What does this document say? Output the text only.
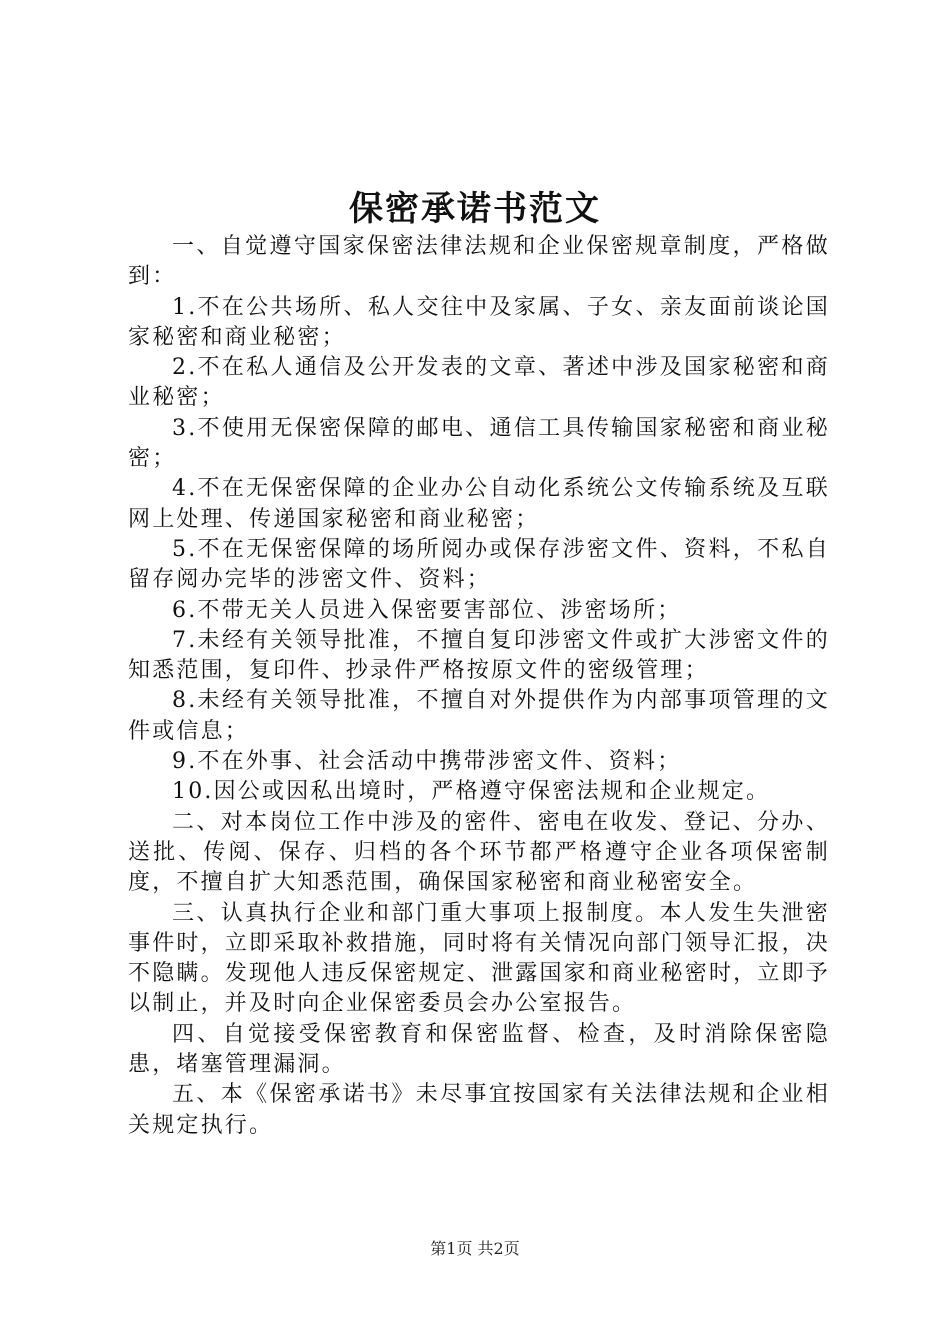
保密承诺书范文

一、自觉遵守国家保密法律法规和企业保密规章制度，严格做到：

1.不在公共场所、私人交往中及家属、子女、亲友面前谈论国家秘密和商业秘密；

2.不在私人通信及公开发表的文章、著述中涉及国家秘密和商业秘密；

3.不使用无保密保障的邮电、通信工具传输国家秘密和商业秘密；

4.不在无保密保障的企业办公自动化系统公文传输系统及互联网上处理、传递国家秘密和商业秘密；

5.不在无保密保障的场所阅办或保存涉密文件、资料，不私自留存阅办完毕的涉密文件、资料；

6.不带无关人员进入保密要害部位、涉密场所；

7.未经有关领导批准，不擅自复印涉密文件或扩大涉密文件的知悉范围，复印件、抄录件严格按原文件的密级管理；

8.未经有关领导批准，不擅自对外提供作为内部事项管理的文件或信息；

9.不在外事、社会活动中携带涉密文件、资料；

10.因公或因私出境时，严格遵守保密法规和企业规定。

二、对本岗位工作中涉及的密件、密电在收发、登记、分办、送批、传阅、保存、归档的各个环节都严格遵守企业各项保密制度，不擅自扩大知悉范围，确保国家秘密和商业秘密安全。

三、认真执行企业和部门重大事项上报制度。本人发生失泄密事件时，立即采取补救措施，同时将有关情况向部门领导汇报，决不隐瞒。发现他人违反保密规定、泄露国家和商业秘密时，立即予以制止，并及时向企业保密委员会办公室报告。

四、自觉接受保密教育和保密监督、检查，及时消除保密隐患，堵塞管理漏洞。

五、本《保密承诺书》未尽事宜按国家有关法律法规和企业相关规定执行。

第1页 共2页
